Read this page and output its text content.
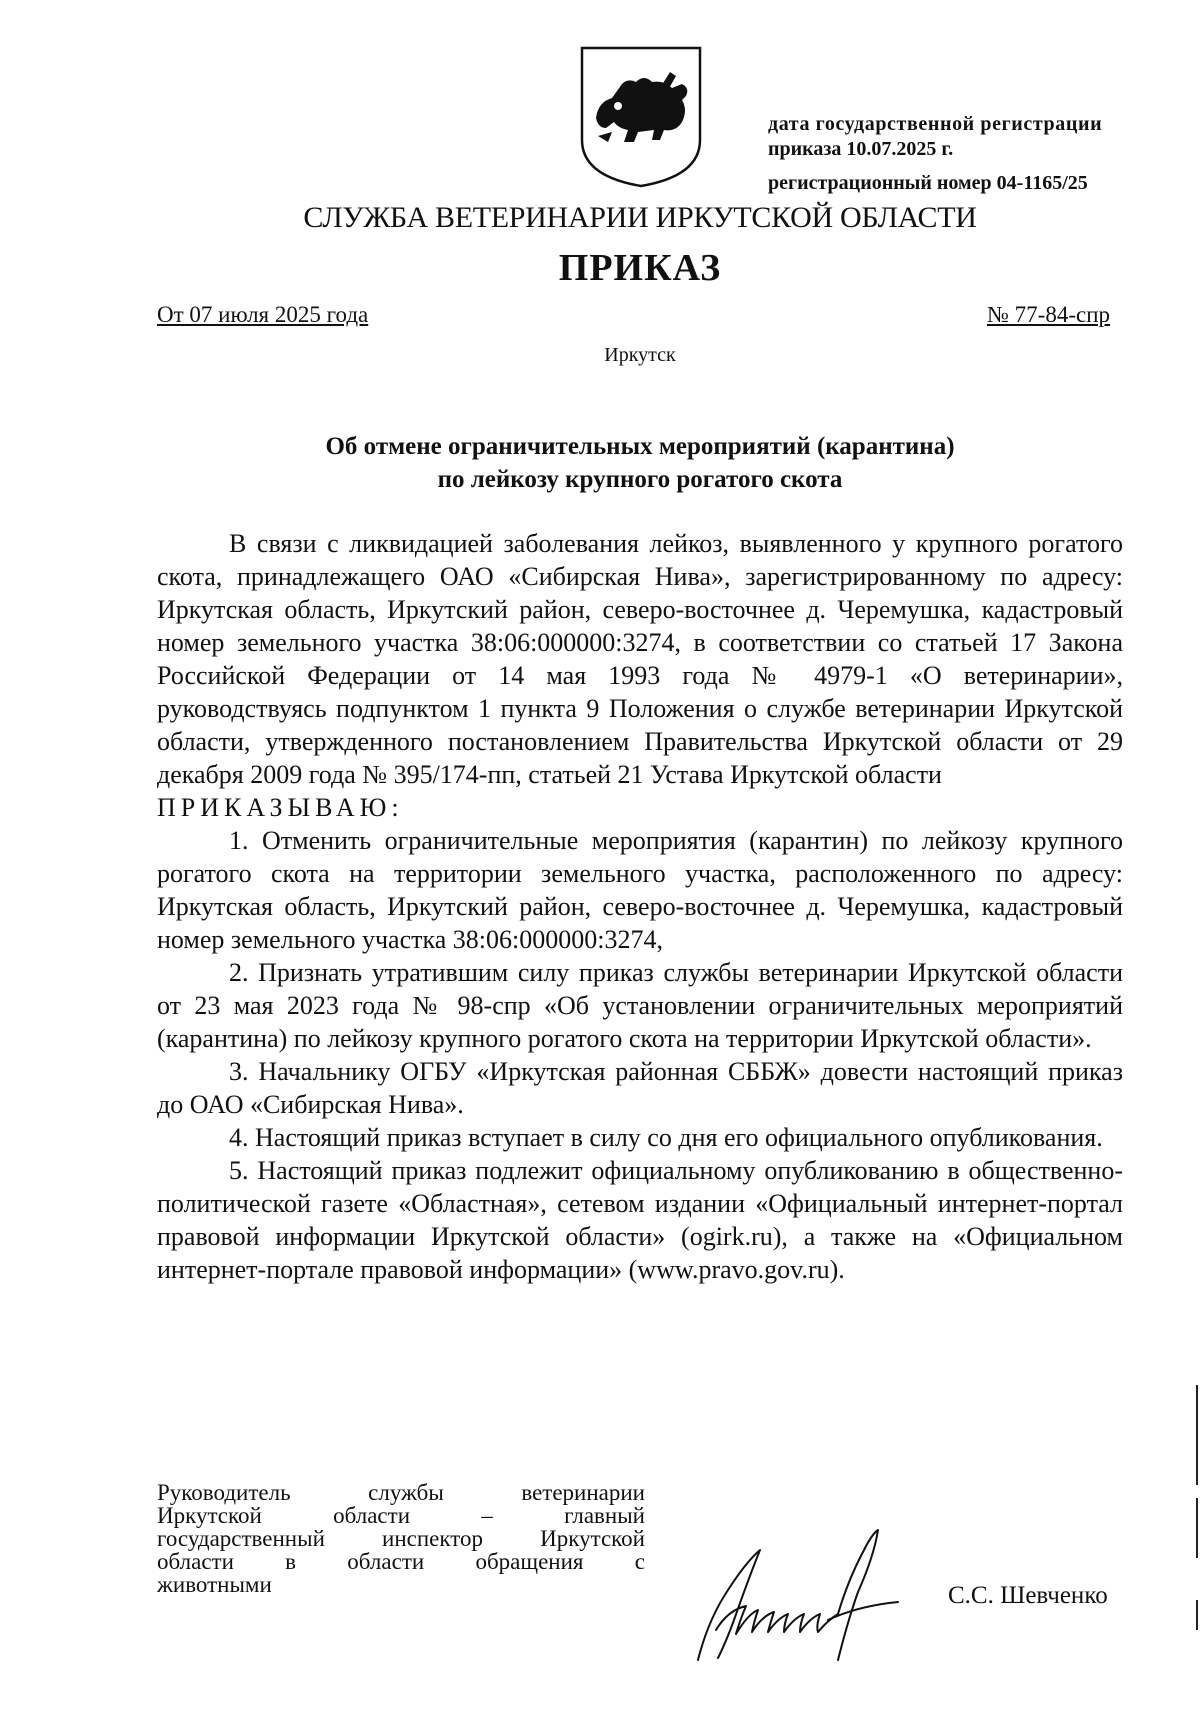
дата государственной регистрации
приказа 10.07.2025 г.
регистрационный номер 04-1165/25
СЛУЖБА ВЕТЕРИНАРИИ ИРКУТСКОЙ ОБЛАСТИ
ПРИКАЗ
От 07 июля 2025 года	№ 77-84-спр
Иркутск
Об отмене ограничительных мероприятий (карантина)
по лейкозу крупного рогатого скота

В связи с ликвидацией заболевания лейкоз, выявленного у крупного рогатого скота, принадлежащего ОАО «Сибирская Нива», зарегистрированному по адресу: Иркутская область, Иркутский район, северо-восточнее д. Черемушка, кадастровый номер земельного участка 38:06:000000:3274, в соответствии со статьей 17 Закона Российской Федерации от 14 мая 1993 года № 4979-1 «О ветеринарии», руководствуясь подпунктом 1 пункта 9 Положения о службе ветеринарии Иркутской области, утвержденного постановлением Правительства Иркутской области от 29 декабря 2009 года № 395/174-пп, статьей 21 Устава Иркутской области

ПРИКАЗЫВАЮ:

1. Отменить ограничительные мероприятия (карантин) по лейкозу крупного рогатого скота на территории земельного участка, расположенного по адресу: Иркутская область, Иркутский район, северо-восточнее д. Черемушка, кадастровый номер земельного участка 38:06:000000:3274,

2. Признать утратившим силу приказ службы ветеринарии Иркутской области от 23 мая 2023 года № 98-спр «Об установлении ограничительных мероприятий (карантина) по лейкозу крупного рогатого скота на территории Иркутской области».

3. Начальнику ОГБУ «Иркутская районная СББЖ» довести настоящий приказ до ОАО «Сибирская Нива».

4. Настоящий приказ вступает в силу со дня его официального опубликования.

5. Настоящий приказ подлежит официальному опубликованию в общественно-политической газете «Областная», сетевом издании «Официальный интернет-портал правовой информации Иркутской области» (ogirk.ru), а также на «Официальном интернет-портале правовой информации» (www.pravo.gov.ru).

Руководитель службы ветеринарии
Иркутской области – главный
государственный инспектор Иркутской
области в области обращения с
животными	С.С. Шевченко
